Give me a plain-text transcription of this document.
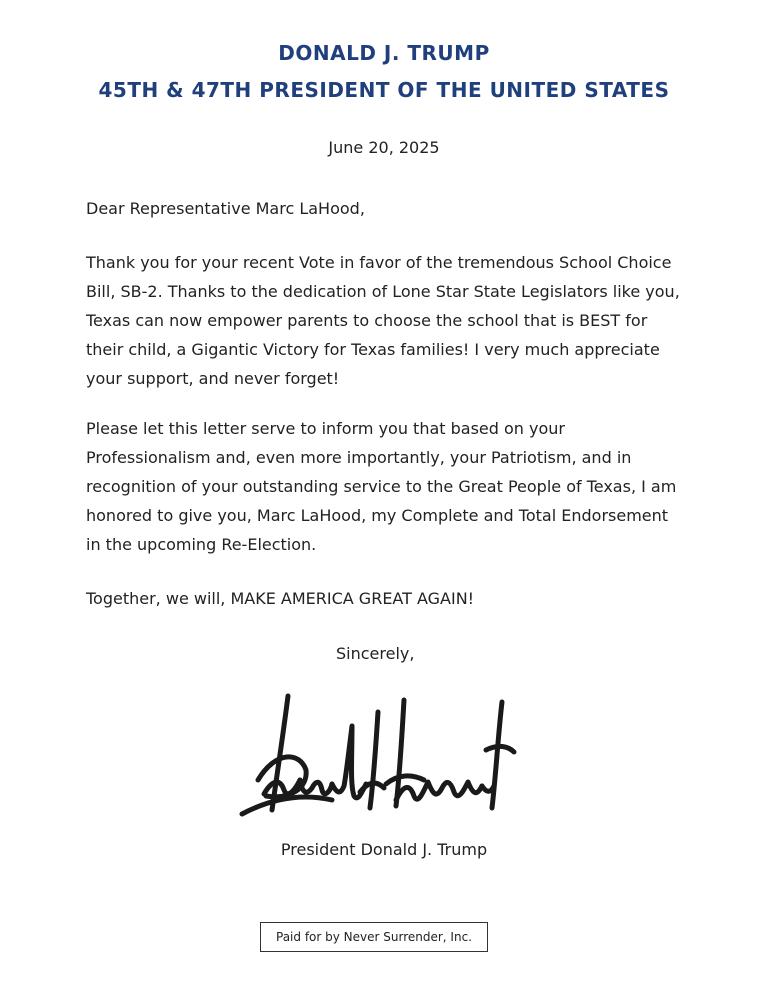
DONALD J. TRUMP
45TH & 47TH PRESIDENT OF THE UNITED STATES
June 20, 2025

Dear Representative Marc LaHood,

Thank you for your recent Vote in favor of the tremendous School Choice Bill, SB-2. Thanks to the dedication of Lone Star State Legislators like you, Texas can now empower parents to choose the school that is BEST for their child, a Gigantic Victory for Texas families! I very much appreciate your support, and never forget!

Please let this letter serve to inform you that based on your Professionalism and, even more importantly, your Patriotism, and in recognition of your outstanding service to the Great People of Texas, I am honored to give you, Marc LaHood, my Complete and Total Endorsement in the upcoming Re-Election.

Together, we will, MAKE AMERICA GREAT AGAIN!

Sincerely,
President Donald J. Trump
Paid for by Never Surrender, Inc.
